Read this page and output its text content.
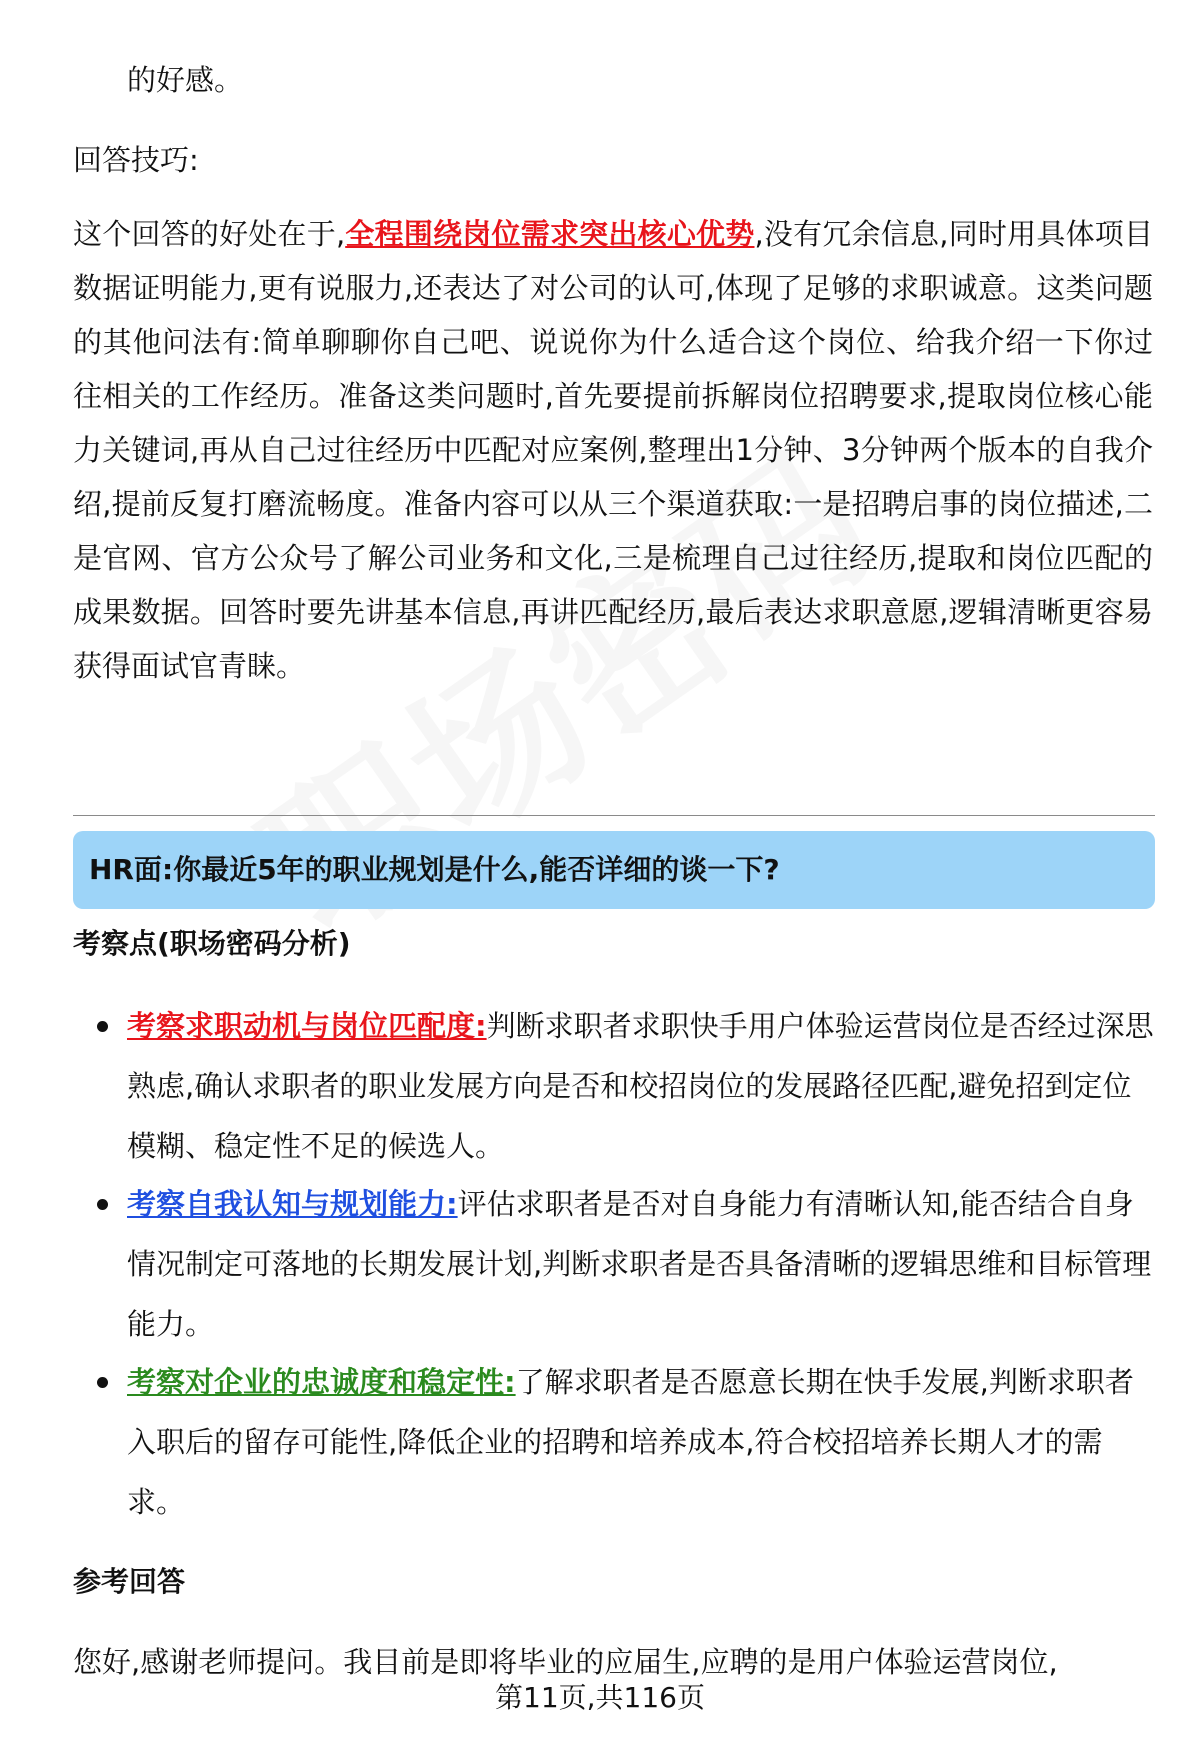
的好感。

回答技巧:

这个回答的好处在于,全程围绕岗位需求突出核心优势,没有冗余信息,同时用具体项目数据证明能力,更有说服力,还表达了对公司的认可,体现了足够的求职诚意。这类问题的其他问法有:简单聊聊你自己吧、说说你为什么适合这个岗位、给我介绍一下你过往相关的工作经历。准备这类问题时,首先要提前拆解岗位招聘要求,提取岗位核心能力关键词,再从自己过往经历中匹配对应案例,整理出1分钟、3分钟两个版本的自我介绍,提前反复打磨流畅度。准备内容可以从三个渠道获取:一是招聘启事的岗位描述,二是官网、官方公众号了解公司业务和文化,三是梳理自己过往经历,提取和岗位匹配的成果数据。回答时要先讲基本信息,再讲匹配经历,最后表达求职意愿,逻辑清晰更容易获得面试官青睐。

HR面:你最近5年的职业规划是什么,能否详细的谈一下?
考察点(职场密码分析)
考察求职动机与岗位匹配度:判断求职者求职快手用户体验运营岗位是否经过深思熟虑,确认求职者的职业发展方向是否和校招岗位的发展路径匹配,避免招到定位模糊、稳定性不足的候选人。
考察自我认知与规划能力:评估求职者是否对自身能力有清晰认知,能否结合自身情况制定可落地的长期发展计划,判断求职者是否具备清晰的逻辑思维和目标管理能力。
考察对企业的忠诚度和稳定性:了解求职者是否愿意长期在快手发展,判断求职者入职后的留存可能性,降低企业的招聘和培养成本,符合校招培养长期人才的需求。
参考回答

您好,感谢老师提问。我目前是即将毕业的应届生,应聘的是用户体验运营岗位,

第11页,共116页
